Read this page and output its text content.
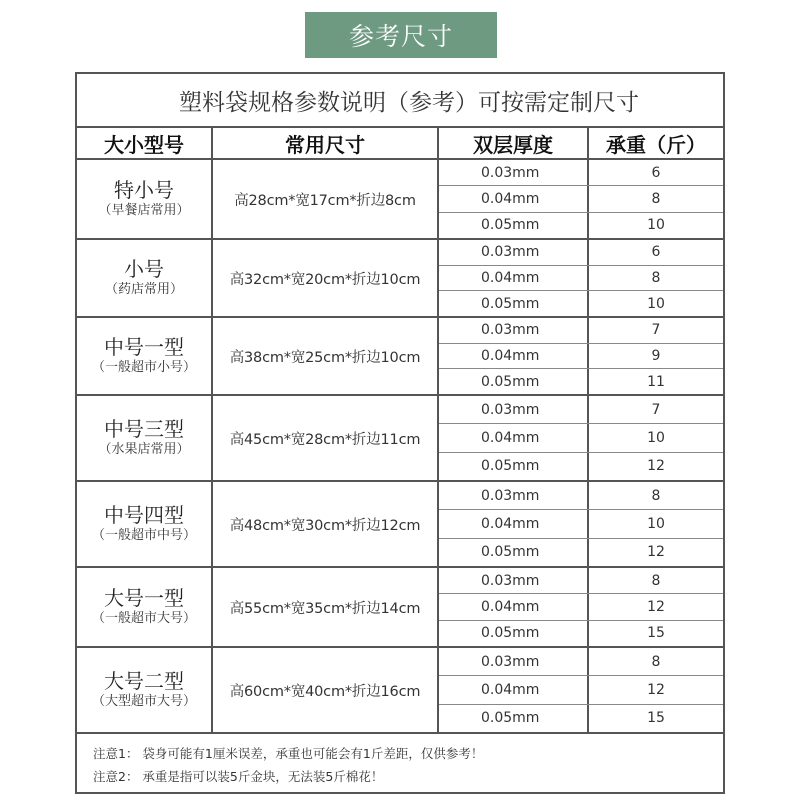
参考尺寸
塑料袋规格参数说明（参考）可按需定制尺寸
大小型号	常用尺寸	双层厚度	承重（斤）
特小号
（早餐店常用）
高28cm*宽17cm*折边8cm
0.03mm	6
0.04mm	8
0.05mm	10
小号
（药店常用）
高32cm*宽20cm*折边10cm
0.03mm	6
0.04mm	8
0.05mm	10
中号一型
（一般超市小号）
高38cm*宽25cm*折边10cm
0.03mm	7
0.04mm	9
0.05mm	11
中号三型
（水果店常用）
高45cm*宽28cm*折边11cm
0.03mm	7
0.04mm	10
0.05mm	12
中号四型
（一般超市中号）
高48cm*宽30cm*折边12cm
0.03mm	8
0.04mm	10
0.05mm	12
大号一型
（一般超市大号）
高55cm*宽35cm*折边14cm
0.03mm	8
0.04mm	12
0.05mm	15
大号二型
（大型超市大号）
高60cm*宽40cm*折边16cm
0.03mm	8
0.04mm	12
0.05mm	15
注意1： 袋身可能有1厘米误差，承重也可能会有1斤差距，仅供参考！
注意2： 承重是指可以装5斤金块，无法装5斤棉花！
